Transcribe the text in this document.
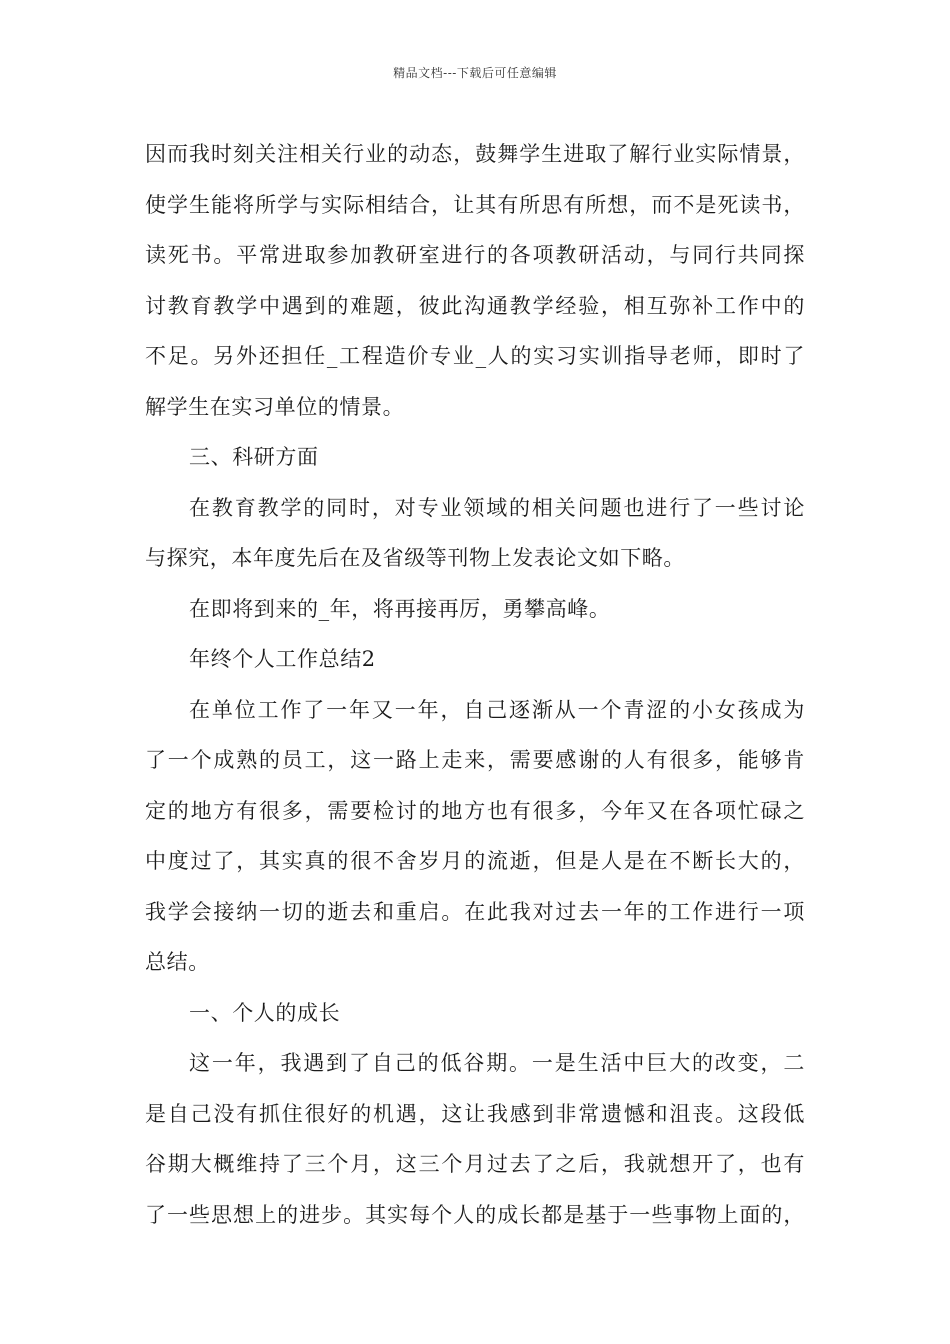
精品文档---下载后可任意编辑
因而我时刻关注相关行业的动态，鼓舞学生进取了解行业实际情景，
使学生能将所学与实际相结合，让其有所思有所想，而不是死读书，
读死书。平常进取参加教研室进行的各项教研活动，与同行共同探
讨教育教学中遇到的难题，彼此沟通教学经验，相互弥补工作中的
不足。另外还担任_工程造价专业_人的实习实训指导老师，即时了
解学生在实习单位的情景。
三、科研方面
在教育教学的同时，对专业领域的相关问题也进行了一些讨论
与探究，本年度先后在及省级等刊物上发表论文如下略。
在即将到来的_年，将再接再厉，勇攀高峰。
年终个人工作总结2
在单位工作了一年又一年，自己逐渐从一个青涩的小女孩成为
了一个成熟的员工，这一路上走来，需要感谢的人有很多，能够肯
定的地方有很多，需要检讨的地方也有很多，今年又在各项忙碌之
中度过了，其实真的很不舍岁月的流逝，但是人是在不断长大的，
我学会接纳一切的逝去和重启。在此我对过去一年的工作进行一项
总结。
一、个人的成长
这一年，我遇到了自己的低谷期。一是生活中巨大的改变，二
是自己没有抓住很好的机遇，这让我感到非常遗憾和沮丧。这段低
谷期大概维持了三个月，这三个月过去了之后，我就想开了，也有
了一些思想上的进步。其实每个人的成长都是基于一些事物上面的，
